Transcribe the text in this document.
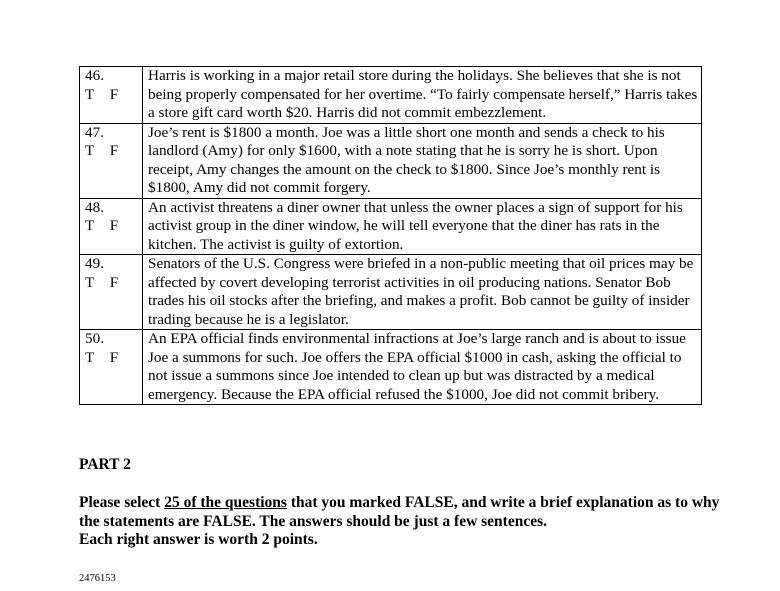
46.
T F	Harris is working in a major retail store during the holidays. She believes that she is not being properly compensated for her overtime. “To fairly compensate herself,” Harris takes a store gift card worth $20. Harris did not commit embezzlement.

47.
T F	Joe’s rent is $1800 a month. Joe was a little short one month and sends a check to his landlord (Amy) for only $1600, with a note stating that he is sorry he is short. Upon receipt, Amy changes the amount on the check to $1800. Since Joe’s monthly rent is $1800, Amy did not commit forgery.

48.
T F	An activist threatens a diner owner that unless the owner places a sign of support for his activist group in the diner window, he will tell everyone that the diner has rats in the kitchen. The activist is guilty of extortion.

49.
T F	Senators of the U.S. Congress were briefed in a non-public meeting that oil prices may be affected by covert developing terrorist activities in oil producing nations. Senator Bob trades his oil stocks after the briefing, and makes a profit. Bob cannot be guilty of insider trading because he is a legislator.

50.
T F	An EPA official finds environmental infractions at Joe’s large ranch and is about to issue Joe a summons for such. Joe offers the EPA official $1000 in cash, asking the official to not issue a summons since Joe intended to clean up but was distracted by a medical emergency. Because the EPA official refused the $1000, Joe did not commit bribery.
PART 2
Please select 25 of the questions that you marked FALSE, and write a brief explanation as to why the statements are FALSE. The answers should be just a few sentences.
Each right answer is worth 2 points.
2476153
